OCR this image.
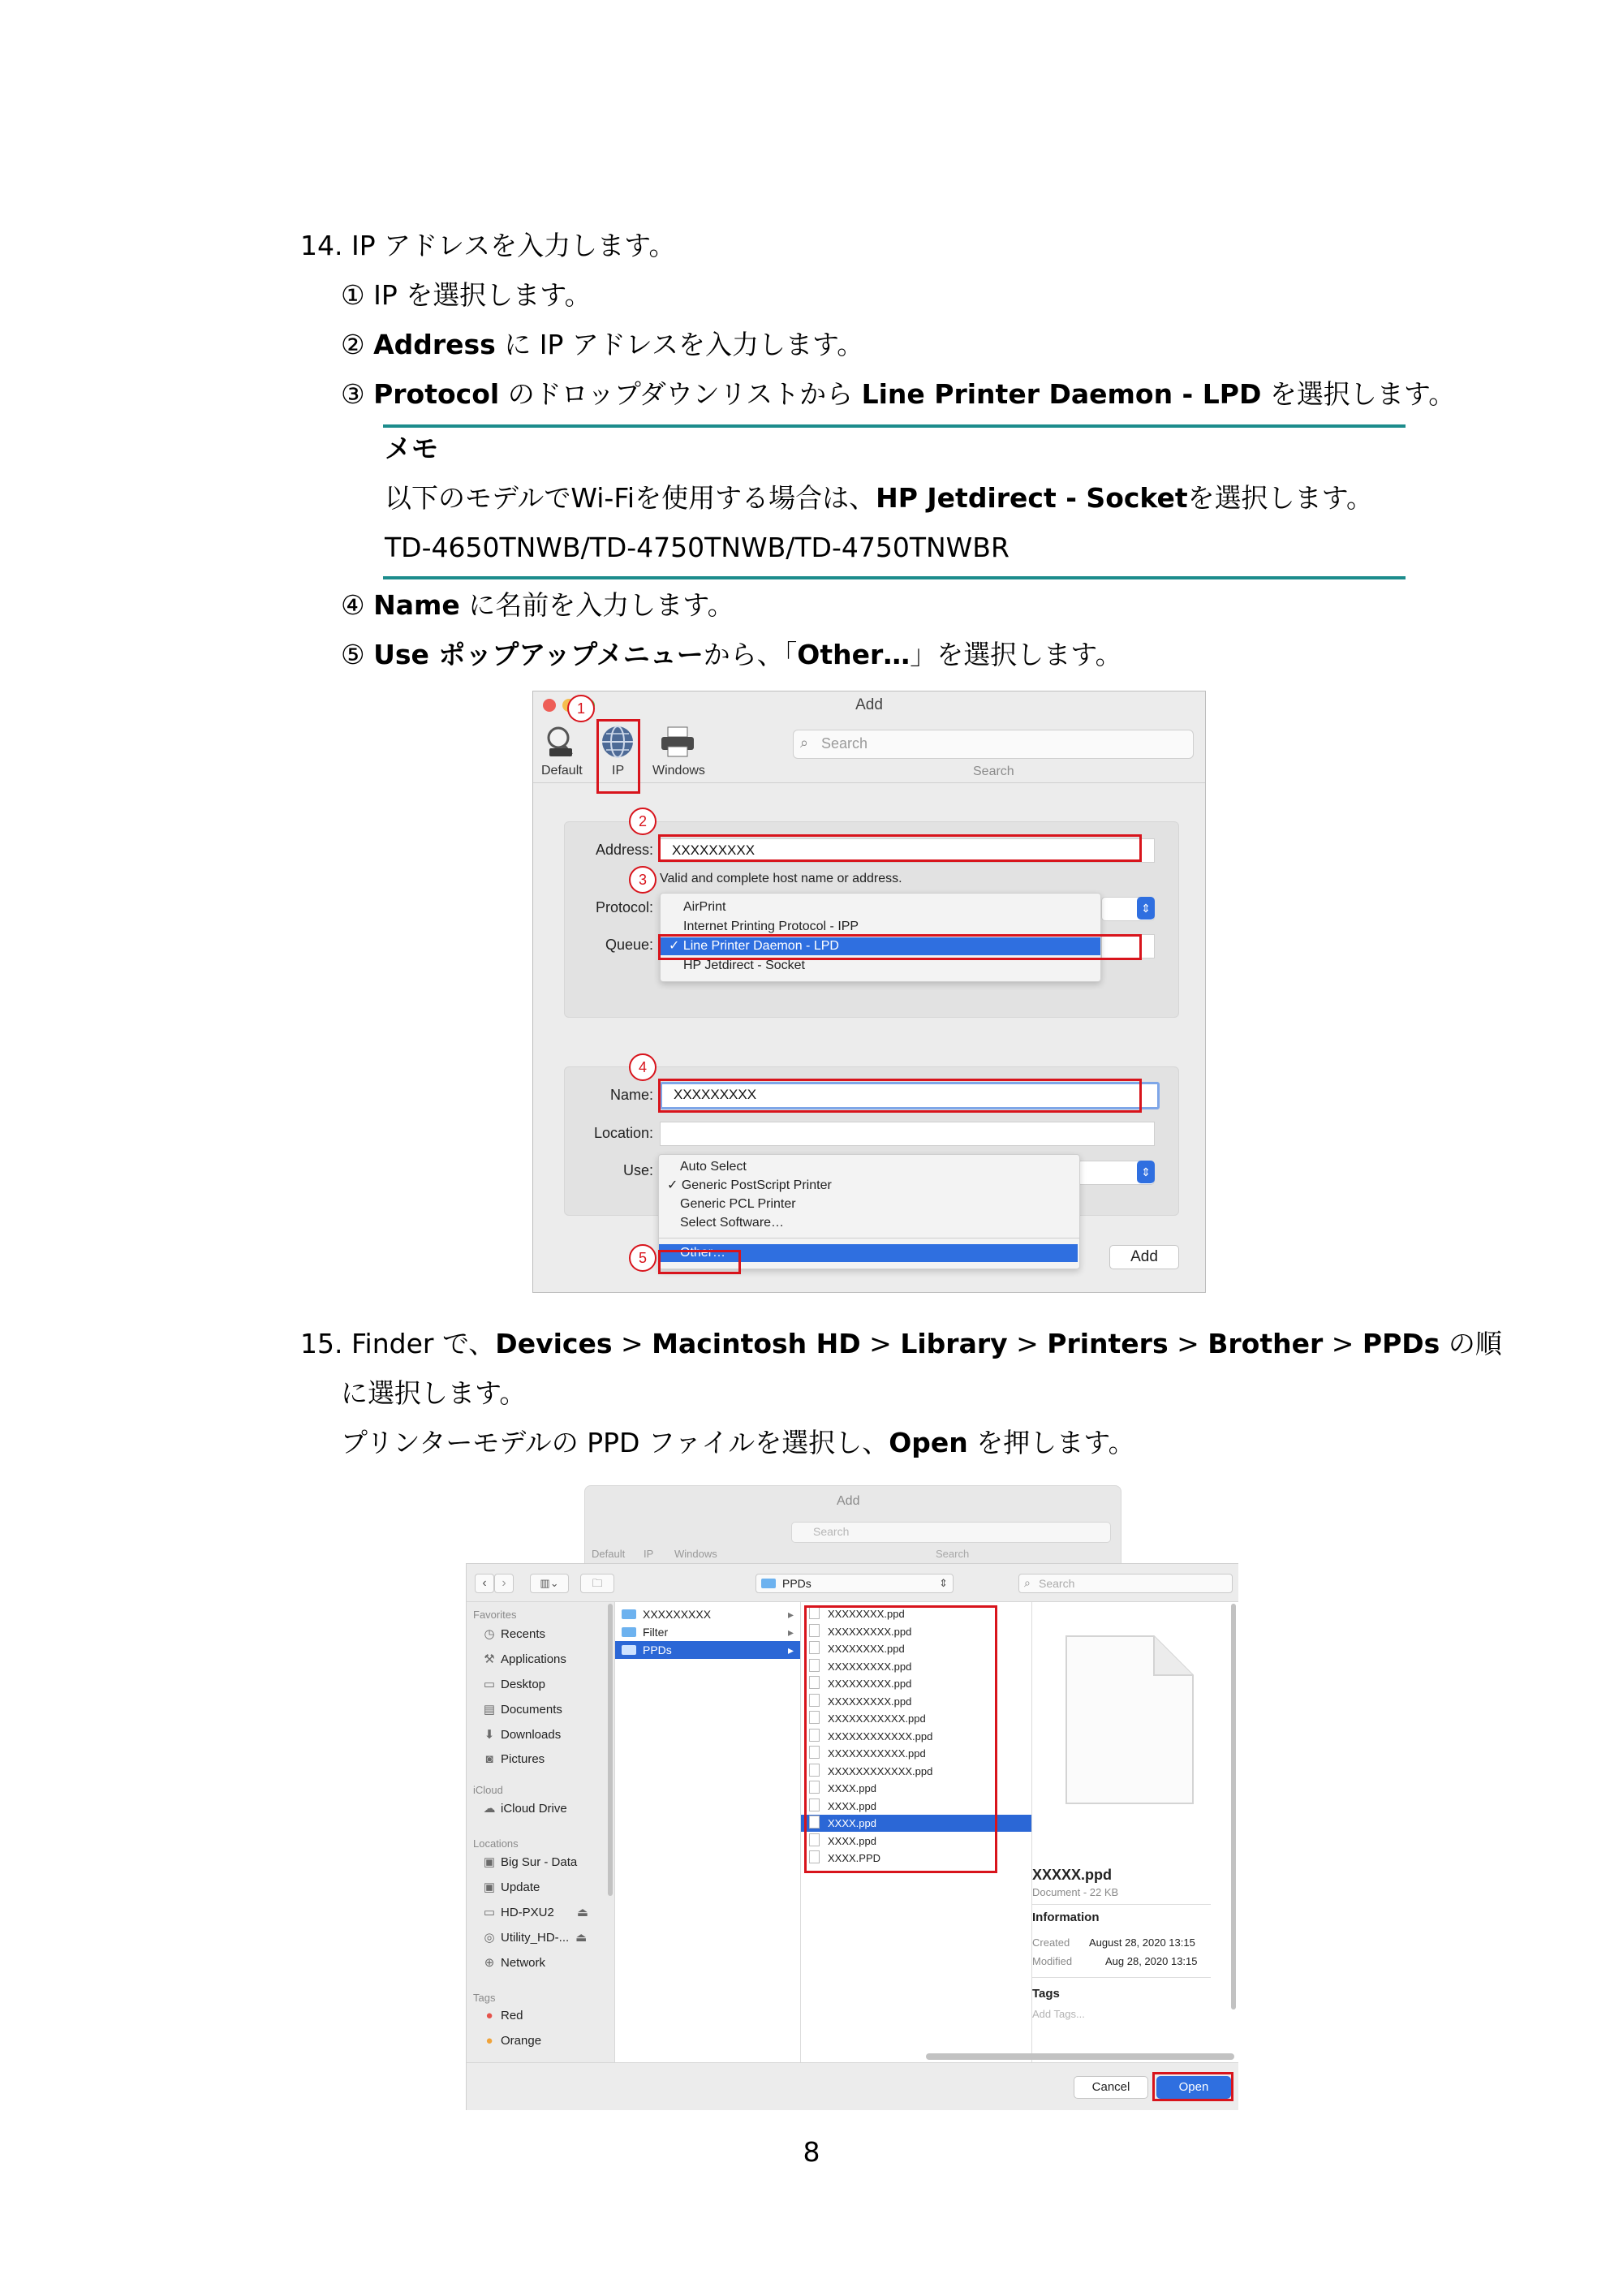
14. IP アドレスを入力します。
① IP を選択します。
② Address に IP アドレスを入力します。
③ Protocol のドロップダウンリストから Line Printer Daemon - LPD を選択します。
メモ
以下のモデルでWi-Fiを使用する場合は、HP Jetdirect - Socketを選択します。
TD-4650TNWB/TD-4750TNWB/TD-4750TNWBR
④ Name に名前を入力します。
⑤ Use ポップアップメニューから、「Other…」を選択します。
Add
Default IP Windows
⌕ Search
Search
Address: XXXXXXXXX
Valid and complete host name or address.
Protocol:	⇕
Queue:
AirPrint
Internet Printing Protocol - IPP
✓ Line Printer Daemon - LPD
HP Jetdirect - Socket
Name: XXXXXXXXX
Location:
Use:	⇕
Auto Select
✓ Generic PostScript Printer
Generic PCL Printer
Select Software…
Other…	Add
1
2
3
4
5
15. Finder で、Devices > Macintosh HD > Library > Printers > Brother > PPDs の順
に選択します。
プリンターモデルの PPD ファイルを選択し、Open を押します。
Add
Search
Default IP Windows	Search
‹	›	▥⌄	🗀	PPDs	⇕	⌕ Search
Favorites
◷ Recents
⚒ Applications
▭ Desktop
▤ Documents
⬇ Downloads
◙ Pictures
iCloud
☁ iCloud Drive
Locations
▣ Big Sur - Data
▣ Update
▭ HD-PXU2 ⏏
◎ Utility_HD-... ⏏
⊕ Network
Tags
● Red
● Orange
XXXXXXXXX	▸
Filter	▸
PPDs	▸
XXXXXXXX.ppd
XXXXXXXXX.ppd
XXXXXXXX.ppd
XXXXXXXXX.ppd
XXXXXXXXX.ppd
XXXXXXXXX.ppd
XXXXXXXXXXX.ppd
XXXXXXXXXXXX.ppd
XXXXXXXXXXX.ppd
XXXXXXXXXXXX.ppd
XXXX.ppd
XXXX.ppd
XXXX.ppd
XXXX.ppd
XXXX.PPD
XXXXX.ppd
Document - 22 KB
Information
Created August 28, 2020 13:15
Modified	Aug 28, 2020 13:15
Tags
Add Tags...
Cancel	Open
8
